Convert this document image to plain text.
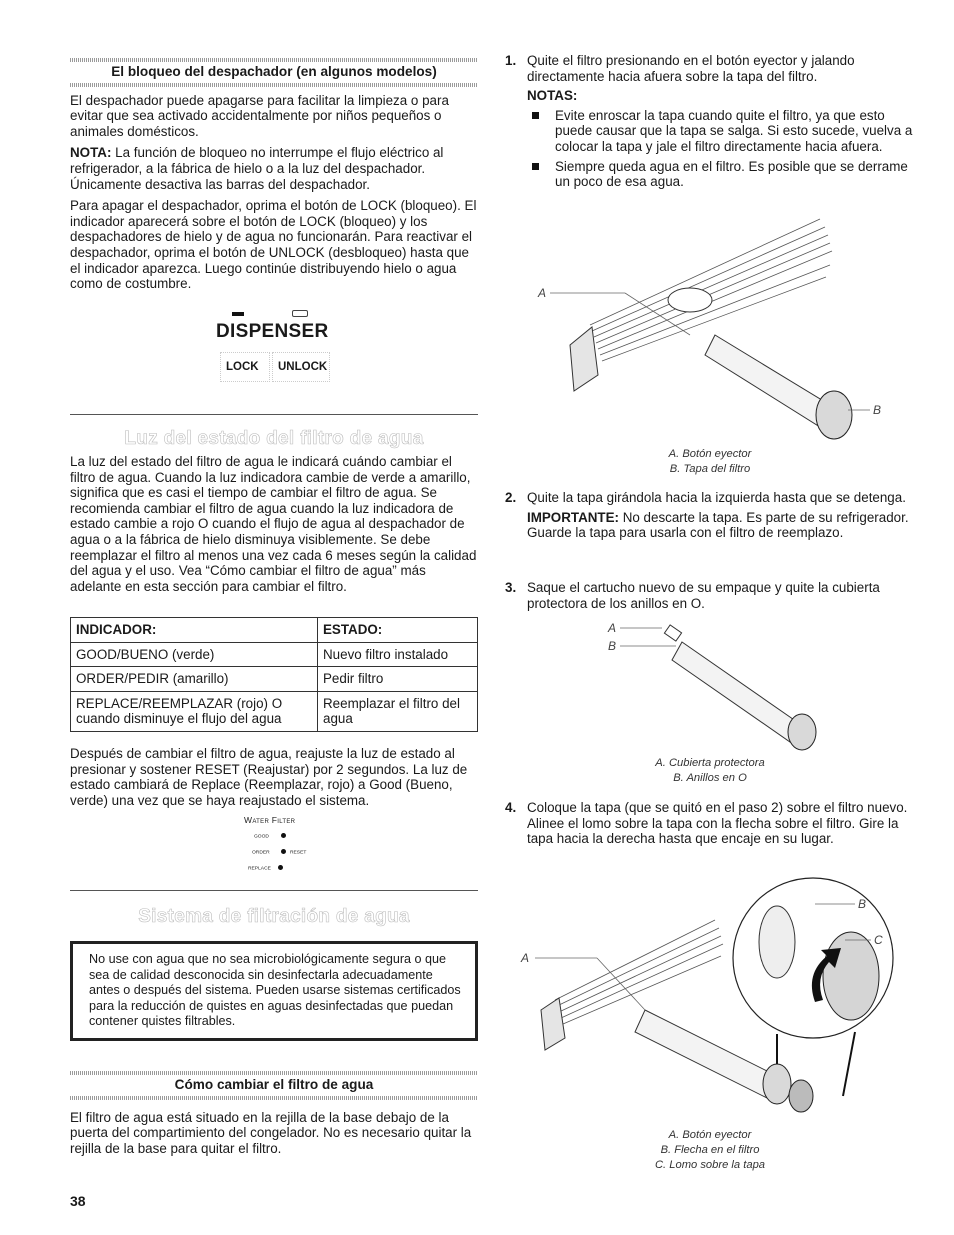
El bloqueo del despachador (en algunos modelos)

El despachador puede apagarse para facilitar la limpieza o para evitar que sea activado accidentalmente por niños pequeños o animales domésticos.

NOTA: La función de bloqueo no interrumpe el flujo eléctrico al refrigerador, a la fábrica de hielo o a la luz del despachador. Únicamente desactiva las barras del despachador.

Para apagar el despachador, oprima el botón de LOCK (bloqueo). El indicador aparecerá sobre el botón de LOCK (bloqueo) y los despachadores de hielo y de agua no funcionarán. Para reactivar el despachador, oprima el botón de UNLOCK (desbloqueo) hasta que el indicador aparezca. Luego continúe distribuyendo hielo o agua como de costumbre.

DISPENSER
LOCK UNLOCK
Luz del estado del filtro de agua

La luz del estado del filtro de agua le indicará cuándo cambiar el filtro de agua. Cuando la luz indicadora cambie de verde a amarillo, significa que es casi el tiempo de cambiar el filtro de agua. Se recomienda cambiar el filtro de agua cuando la luz indicadora de estado cambie a rojo O cuando el flujo de agua al despachador de agua o a la fábrica de hielo disminuya visiblemente. Se debe reemplazar el filtro al menos una vez cada 6 meses según la calidad del agua y el uso. Vea “Cómo cambiar el filtro de agua” más adelante en esta sección para cambiar el filtro.

INDICADOR:	ESTADO:
GOOD/BUENO (verde)	Nuevo filtro instalado
ORDER/PEDIR (amarillo)	Pedir filtro
REPLACE/REEMPLAZAR (rojo) O cuando disminuye el flujo del agua	Reemplazar el filtro del agua

Después de cambiar el filtro de agua, reajuste la luz de estado al presionar y sostener RESET (Reajustar) por 2 segundos. La luz de estado cambiará de Replace (Reemplazar, rojo) a Good (Bueno, verde) una vez que se haya reajustado el sistema.

Water Filter
GOOD
ORDER	RESET
REPLACE
Sistema de filtración de agua

No use con agua que no sea microbiológicamente segura o que sea de calidad desconocida sin desinfectarla adecuadamente antes o después del sistema. Pueden usarse sistemas certificados para la reducción de quistes en aguas desinfectadas que puedan contener quistes filtrables.

Cómo cambiar el filtro de agua

El filtro de agua está situado en la rejilla de la base debajo de la puerta del compartimiento del congelador. No es necesario quitar la rejilla de la base para quitar el filtro.

1. Quite el filtro presionando en el botón eyector y jalando directamente hacia afuera sobre la tapa del filtro.

NOTAS:

Evite enroscar la tapa cuando quite el filtro, ya que esto puede causar que la tapa se salga. Si esto sucede, vuelva a colocar la tapa y jale el filtro directamente hacia afuera.

Siempre queda agua en el filtro. Es posible que se derrame un poco de esa agua.

A
B
A. Botón eyector
B. Tapa del filtro
2. Quite la tapa girándola hacia la izquierda hasta que se detenga.

IMPORTANTE: No descarte la tapa. Es parte de su refrigerador. Guarde la tapa para usarla con el filtro de reemplazo.

3. Saque el cartucho nuevo de su empaque y quite la cubierta protectora de los anillos en O.

A
B
A. Cubierta protectora
B. Anillos en O
4. Coloque la tapa (que se quitó en el paso 2) sobre el filtro nuevo. Alinee el lomo sobre la tapa con la flecha sobre el filtro. Gire la tapa hacia la derecha hasta que encaje en su lugar.

A
B
C
A. Botón eyector
B. Flecha en el filtro
C. Lomo sobre la tapa
38
